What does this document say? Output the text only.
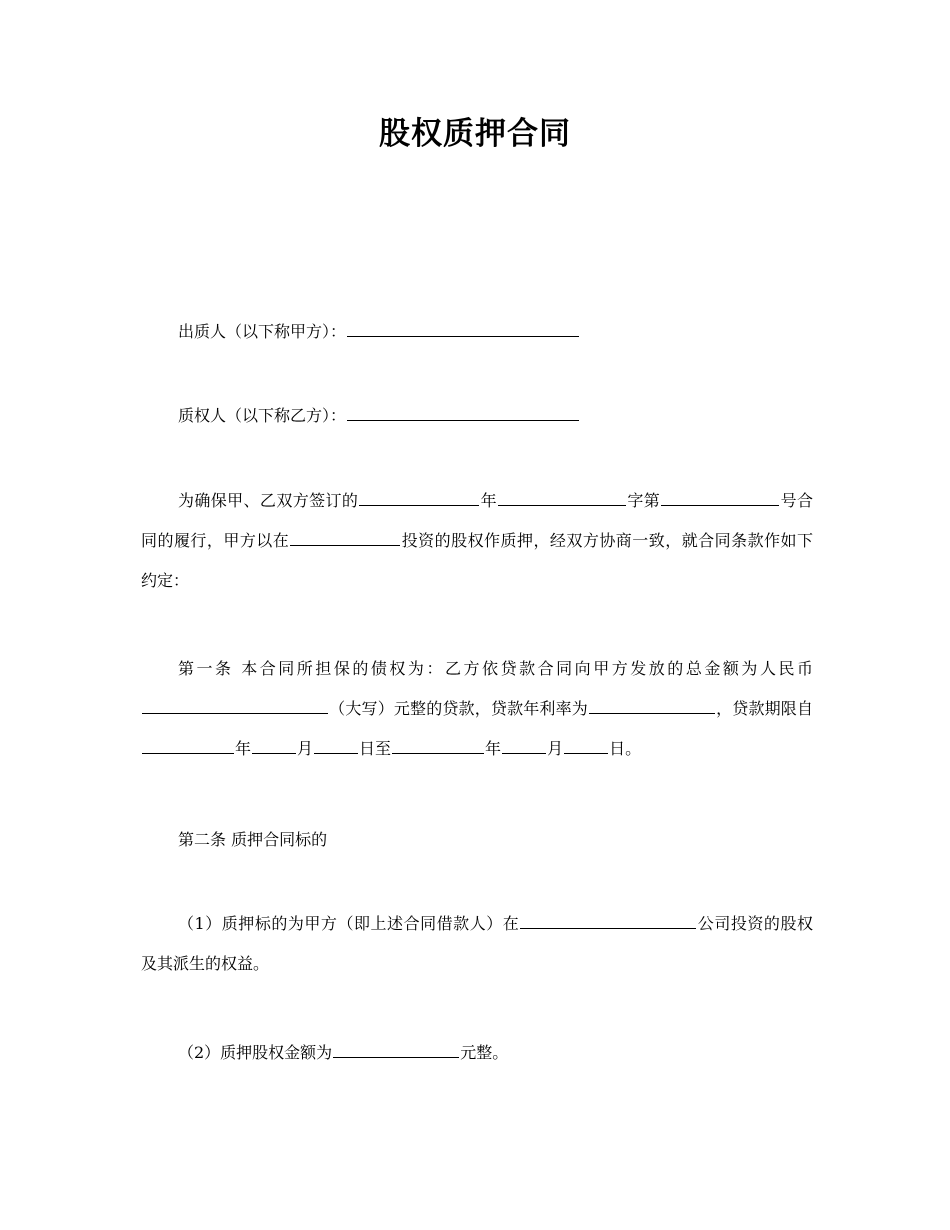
股权质押合同
出质人（以下称甲方）：
质权人（以下称乙方）：
为确保甲、乙双方签订的	年	字第	号合同的履行，甲方以在	投资的股权作质押，经双方协商一致，就合同条款作如下约定：
第一条 本合同所担保的债权为：乙方依贷款合同向甲方发放的总金额为人民币（大写）元整的贷款，贷款年利率为	，贷款期限自年	月	日至	年	月	日。
第二条 质押合同标的
（1）质押标的为甲方（即上述合同借款人）在	公司投资的股权及其派生的权益。
（2）质押股权金额为	元整。
